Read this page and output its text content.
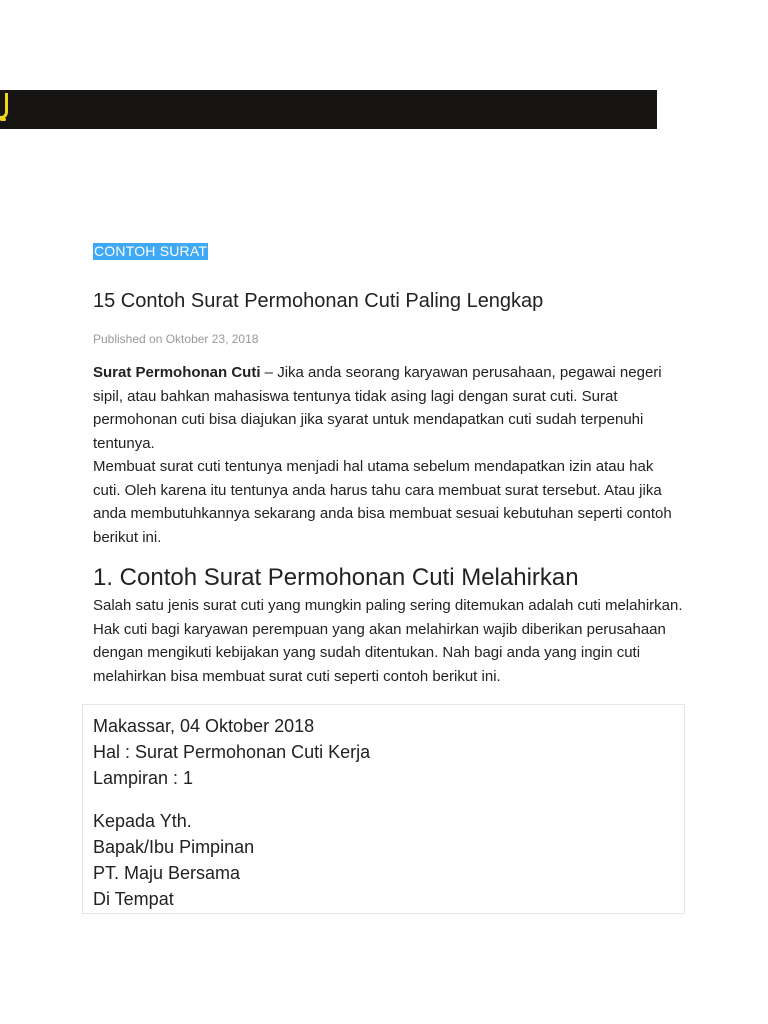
CONTOH SURAT
15 Contoh Surat Permohonan Cuti Paling Lengkap
Published on Oktober 23, 2018

Surat Permohonan Cuti – Jika anda seorang karyawan perusahaan, pegawai negeri sipil, atau bahkan mahasiswa tentunya tidak asing lagi dengan surat cuti. Surat permohonan cuti bisa diajukan jika syarat untuk mendapatkan cuti sudah terpenuhi tentunya.
Membuat surat cuti tentunya menjadi hal utama sebelum mendapatkan izin atau hak cuti. Oleh karena itu tentunya anda harus tahu cara membuat surat tersebut. Atau jika anda membutuhkannya sekarang anda bisa membuat sesuai kebutuhan seperti contoh berikut ini.

1. Contoh Surat Permohonan Cuti Melahirkan

Salah satu jenis surat cuti yang mungkin paling sering ditemukan adalah cuti melahirkan. Hak cuti bagi karyawan perempuan yang akan melahirkan wajib diberikan perusahaan dengan mengikuti kebijakan yang sudah ditentukan. Nah bagi anda yang ingin cuti melahirkan bisa membuat surat cuti seperti contoh berikut ini.

Makassar, 04 Oktober 2018
Hal : Surat Permohonan Cuti Kerja
Lampiran : 1
Kepada Yth.
Bapak/Ibu Pimpinan
PT. Maju Bersama
Di Tempat
